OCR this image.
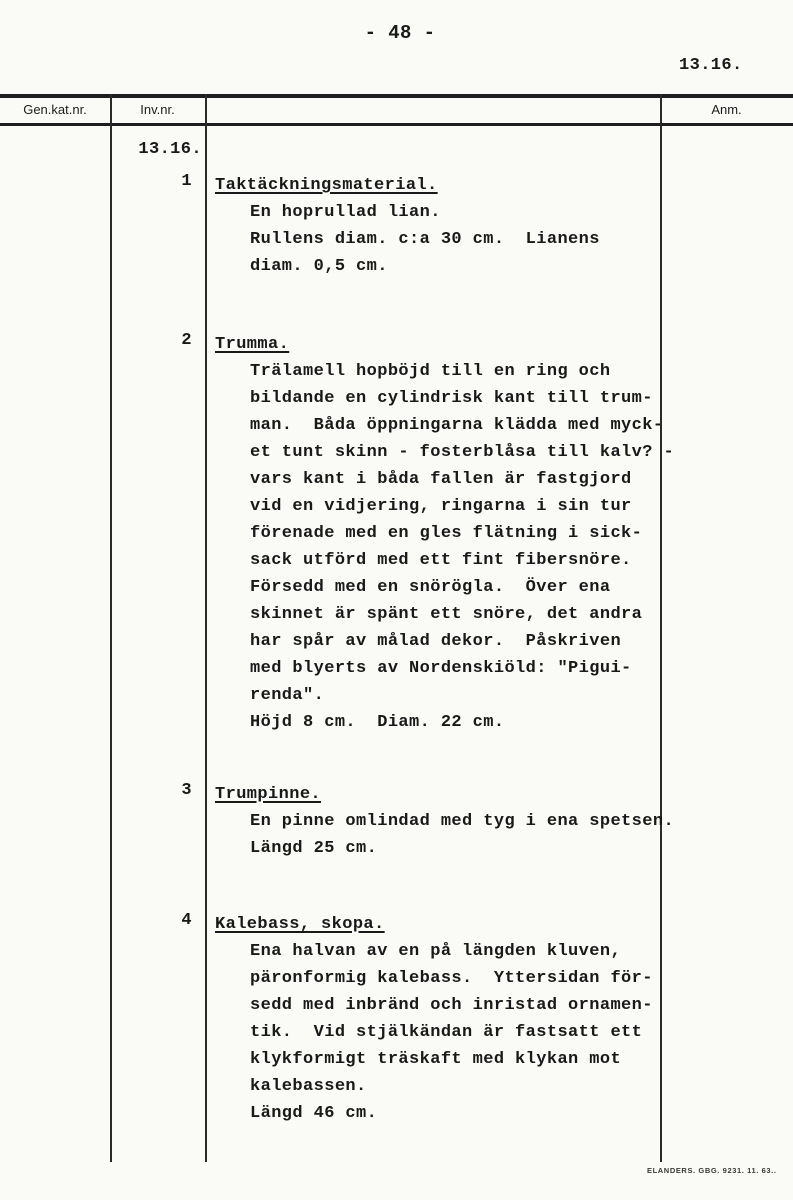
- 48 -
13.16.
Gen.kat.nr.	Inv.nr.	Anm.
13.16.
1 Taktäckningsmaterial.
En hoprullad lian.
Rullens diam. c:a 30 cm.  Lianens
diam. 0,5 cm.
2 Trumma.
Trälamell hopböjd till en ring och
bildande en cylindrisk kant till trum-
man.  Båda öppningarna klädda med myck-
et tunt skinn - fosterblåsa till kalv? -
vars kant i båda fallen är fastgjord
vid en vidjering, ringarna i sin tur
förenade med en gles flätning i sick-
sack utförd med ett fint fibersnöre.
Försedd med en snörögla.  Över ena
skinnet är spänt ett snöre, det andra
har spår av målad dekor.  Påskriven
med blyerts av Nordenskiöld: "Pigui-
renda".
Höjd 8 cm.  Diam. 22 cm.
3 Trumpinne.
En pinne omlindad med tyg i ena spetsen.
Längd 25 cm.
4 Kalebass, skopa.
Ena halvan av en på längden kluven,
päronformig kalebass.  Yttersidan för-
sedd med inbränd och inristad ornamen-
tik.  Vid stjälkändan är fastsatt ett
klykformigt träskaft med klykan mot
kalebassen.
Längd 46 cm.
ELANDERS. GBG. 9231. 11. 63..
